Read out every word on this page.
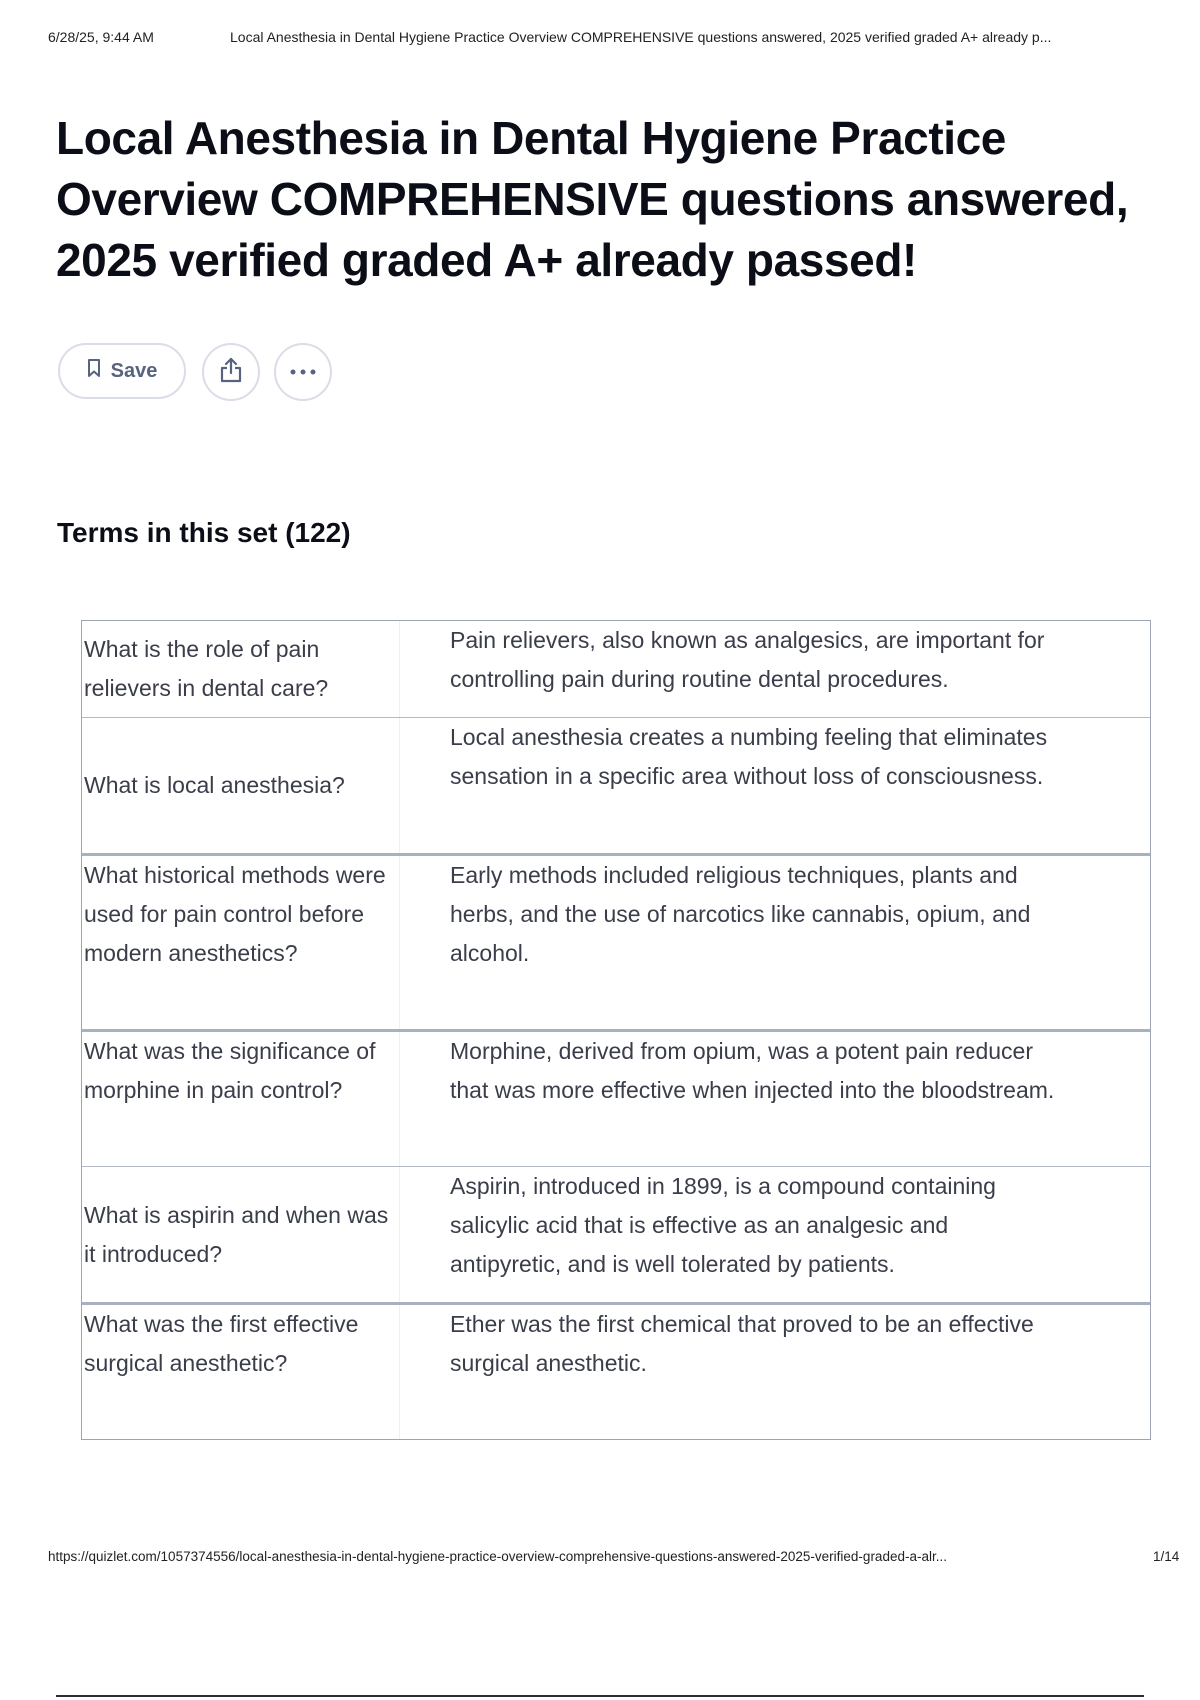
6/28/25, 9:44 AM	Local Anesthesia in Dental Hygiene Practice Overview COMPREHENSIVE questions answered, 2025 verified graded A+ already p...
Local Anesthesia in Dental Hygiene Practice Overview COMPREHENSIVE questions answered, 2025 verified graded A+ already passed!
Save
Terms in this set (122)
What is the role of pain relievers in dental care?
Pain relievers, also known as analgesics, are important for controlling pain during routine dental procedures.
What is local anesthesia?
Local anesthesia creates a numbing feeling that eliminates sensation in a specific area without loss of consciousness.
What historical methods were used for pain control before modern anesthetics?
Early methods included religious techniques, plants and herbs, and the use of narcotics like cannabis, opium, and alcohol.
What was the significance of morphine in pain control?
Morphine, derived from opium, was a potent pain reducer that was more effective when injected into the bloodstream.
What is aspirin and when was it introduced?
Aspirin, introduced in 1899, is a compound containing salicylic acid that is effective as an analgesic and antipyretic, and is well tolerated by patients.
What was the first effective surgical anesthetic?
Ether was the first chemical that proved to be an effective surgical anesthetic.
https://quizlet.com/1057374556/local-anesthesia-in-dental-hygiene-practice-overview-comprehensive-questions-answered-2025-verified-graded-a-alr...	1/14
